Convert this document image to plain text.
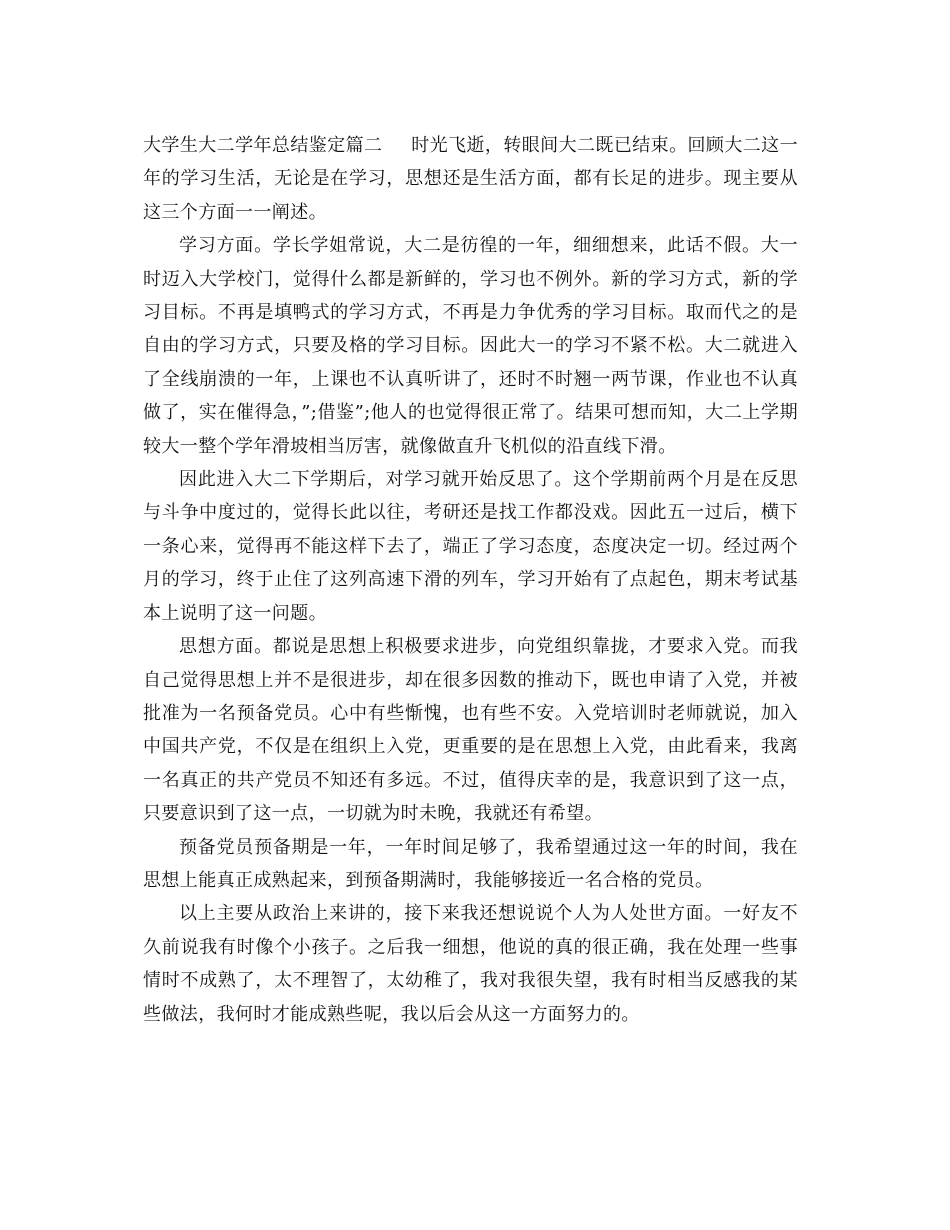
大学生大二学年总结鉴定篇二 时光飞逝，转眼间大二既已结束。回顾大二这一年的学习生活，无论是在学习，思想还是生活方面，都有长足的进步。现主要从这三个方面一一阐述。

学习方面。学长学姐常说，大二是彷徨的一年，细细想来，此话不假。大一时迈入大学校门，觉得什么都是新鲜的，学习也不例外。新的学习方式，新的学习目标。不再是填鸭式的学习方式，不再是力争优秀的学习目标。取而代之的是自由的学习方式，只要及格的学习目标。因此大一的学习不紧不松。大二就进入了全线崩溃的一年，上课也不认真听讲了，还时不时翘一两节课，作业也不认真做了，实在催得急，”;借鉴”;他人的也觉得很正常了。结果可想而知，大二上学期较大一整个学年滑坡相当厉害，就像做直升飞机似的沿直线下滑。

因此进入大二下学期后，对学习就开始反思了。这个学期前两个月是在反思与斗争中度过的，觉得长此以往，考研还是找工作都没戏。因此五一过后，横下一条心来，觉得再不能这样下去了，端正了学习态度，态度决定一切。经过两个月的学习，终于止住了这列高速下滑的列车，学习开始有了点起色，期末考试基本上说明了这一问题。

思想方面。都说是思想上积极要求进步，向党组织靠拢，才要求入党。而我自己觉得思想上并不是很进步，却在很多因数的推动下，既也申请了入党，并被批准为一名预备党员。心中有些惭愧，也有些不安。入党培训时老师就说，加入中国共产党，不仅是在组织上入党，更重要的是在思想上入党，由此看来，我离一名真正的共产党员不知还有多远。不过，值得庆幸的是，我意识到了这一点，只要意识到了这一点，一切就为时未晚，我就还有希望。

预备党员预备期是一年，一年时间足够了，我希望通过这一年的时间，我在思想上能真正成熟起来，到预备期满时，我能够接近一名合格的党员。

以上主要从政治上来讲的，接下来我还想说说个人为人处世方面。一好友不久前说我有时像个小孩子。之后我一细想，他说的真的很正确，我在处理一些事情时不成熟了，太不理智了，太幼稚了，我对我很失望，我有时相当反感我的某些做法，我何时才能成熟些呢，我以后会从这一方面努力的。
